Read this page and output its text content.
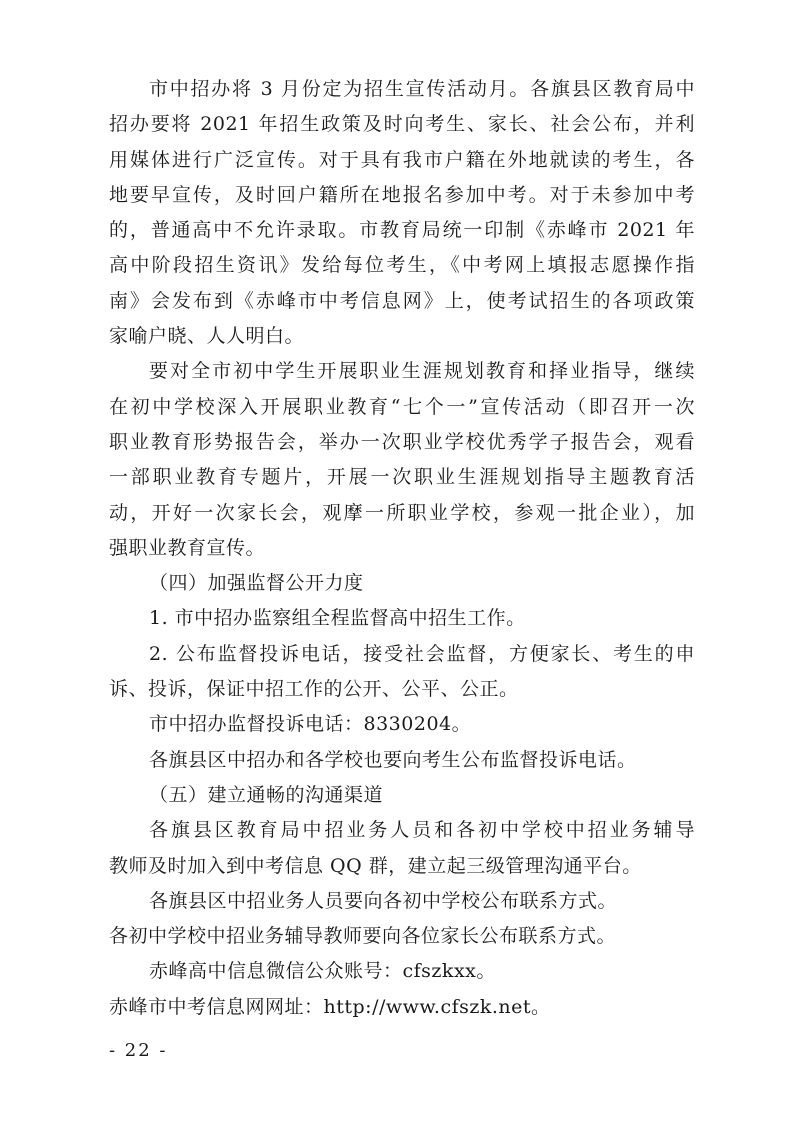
市中招办将 3 月份定为招生宣传活动月。各旗县区教育局中
招办要将 2021 年招生政策及时向考生、家长、社会公布，并利
用媒体进行广泛宣传。对于具有我市户籍在外地就读的考生，各
地要早宣传，及时回户籍所在地报名参加中考。对于未参加中考
的，普通高中不允许录取。市教育局统一印制《赤峰市 2021 年
高中阶段招生资讯》发给每位考生，《中考网上填报志愿操作指
南》会发布到《赤峰市中考信息网》上，使考试招生的各项政策
家喻户晓、人人明白。
要对全市初中学生开展职业生涯规划教育和择业指导，继续
在初中学校深入开展职业教育“七个一”宣传活动（即召开一次
职业教育形势报告会，举办一次职业学校优秀学子报告会，观看
一部职业教育专题片，开展一次职业生涯规划指导主题教育活
动，开好一次家长会，观摩一所职业学校，参观一批企业），加
强职业教育宣传。
（四）加强监督公开力度
1. 市中招办监察组全程监督高中招生工作。
2. 公布监督投诉电话，接受社会监督，方便家长、考生的申
诉、投诉，保证中招工作的公开、公平、公正。
市中招办监督投诉电话：8330204。
各旗县区中招办和各学校也要向考生公布监督投诉电话。
（五）建立通畅的沟通渠道
各旗县区教育局中招业务人员和各初中学校中招业务辅导
教师及时加入到中考信息 QQ 群，建立起三级管理沟通平台。
各旗县区中招业务人员要向各初中学校公布联系方式。
各初中学校中招业务辅导教师要向各位家长公布联系方式。
赤峰高中信息微信公众账号：cfszkxx。
赤峰市中考信息网网址：http://www.cfszk.net。
- 22 -
